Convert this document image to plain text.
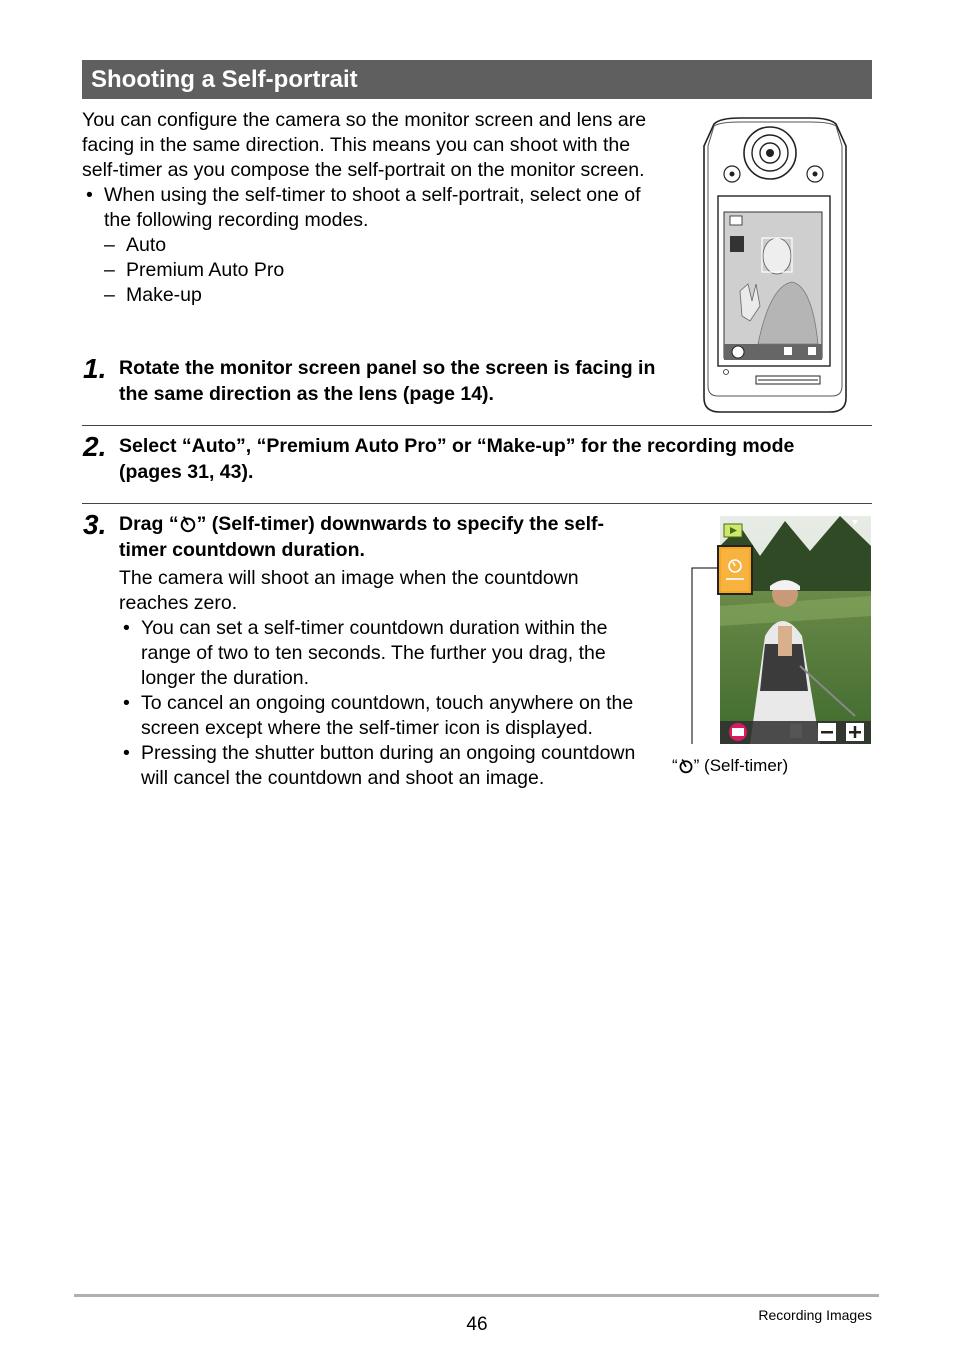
Shooting a Self-portrait
You can configure the camera so the monitor screen and lens are facing in the same direction. This means you can shoot with the self-timer as you compose the self-portrait on the monitor screen.
• When using the self-timer to shoot a self-portrait, select one of the following recording modes.
– Auto
– Premium Auto Pro
– Make-up
1. Rotate the monitor screen panel so the screen is facing in the same direction as the lens (page 14).
2. Select “Auto”, “Premium Auto Pro” or “Make-up” for the recording mode (pages 31, 43).
3. Drag “ ” (Self-timer) downwards to specify the self-timer countdown duration.
The camera will shoot an image when the countdown reaches zero.
• You can set a self-timer countdown duration within the range of two to ten seconds. The further you drag, the longer the duration.
• To cancel an ongoing countdown, touch anywhere on the screen except where the self-timer icon is displayed.
• Pressing the shutter button during an ongoing countdown will cancel the countdown and shoot an image.
“ ” (Self-timer)
46	Recording Images
